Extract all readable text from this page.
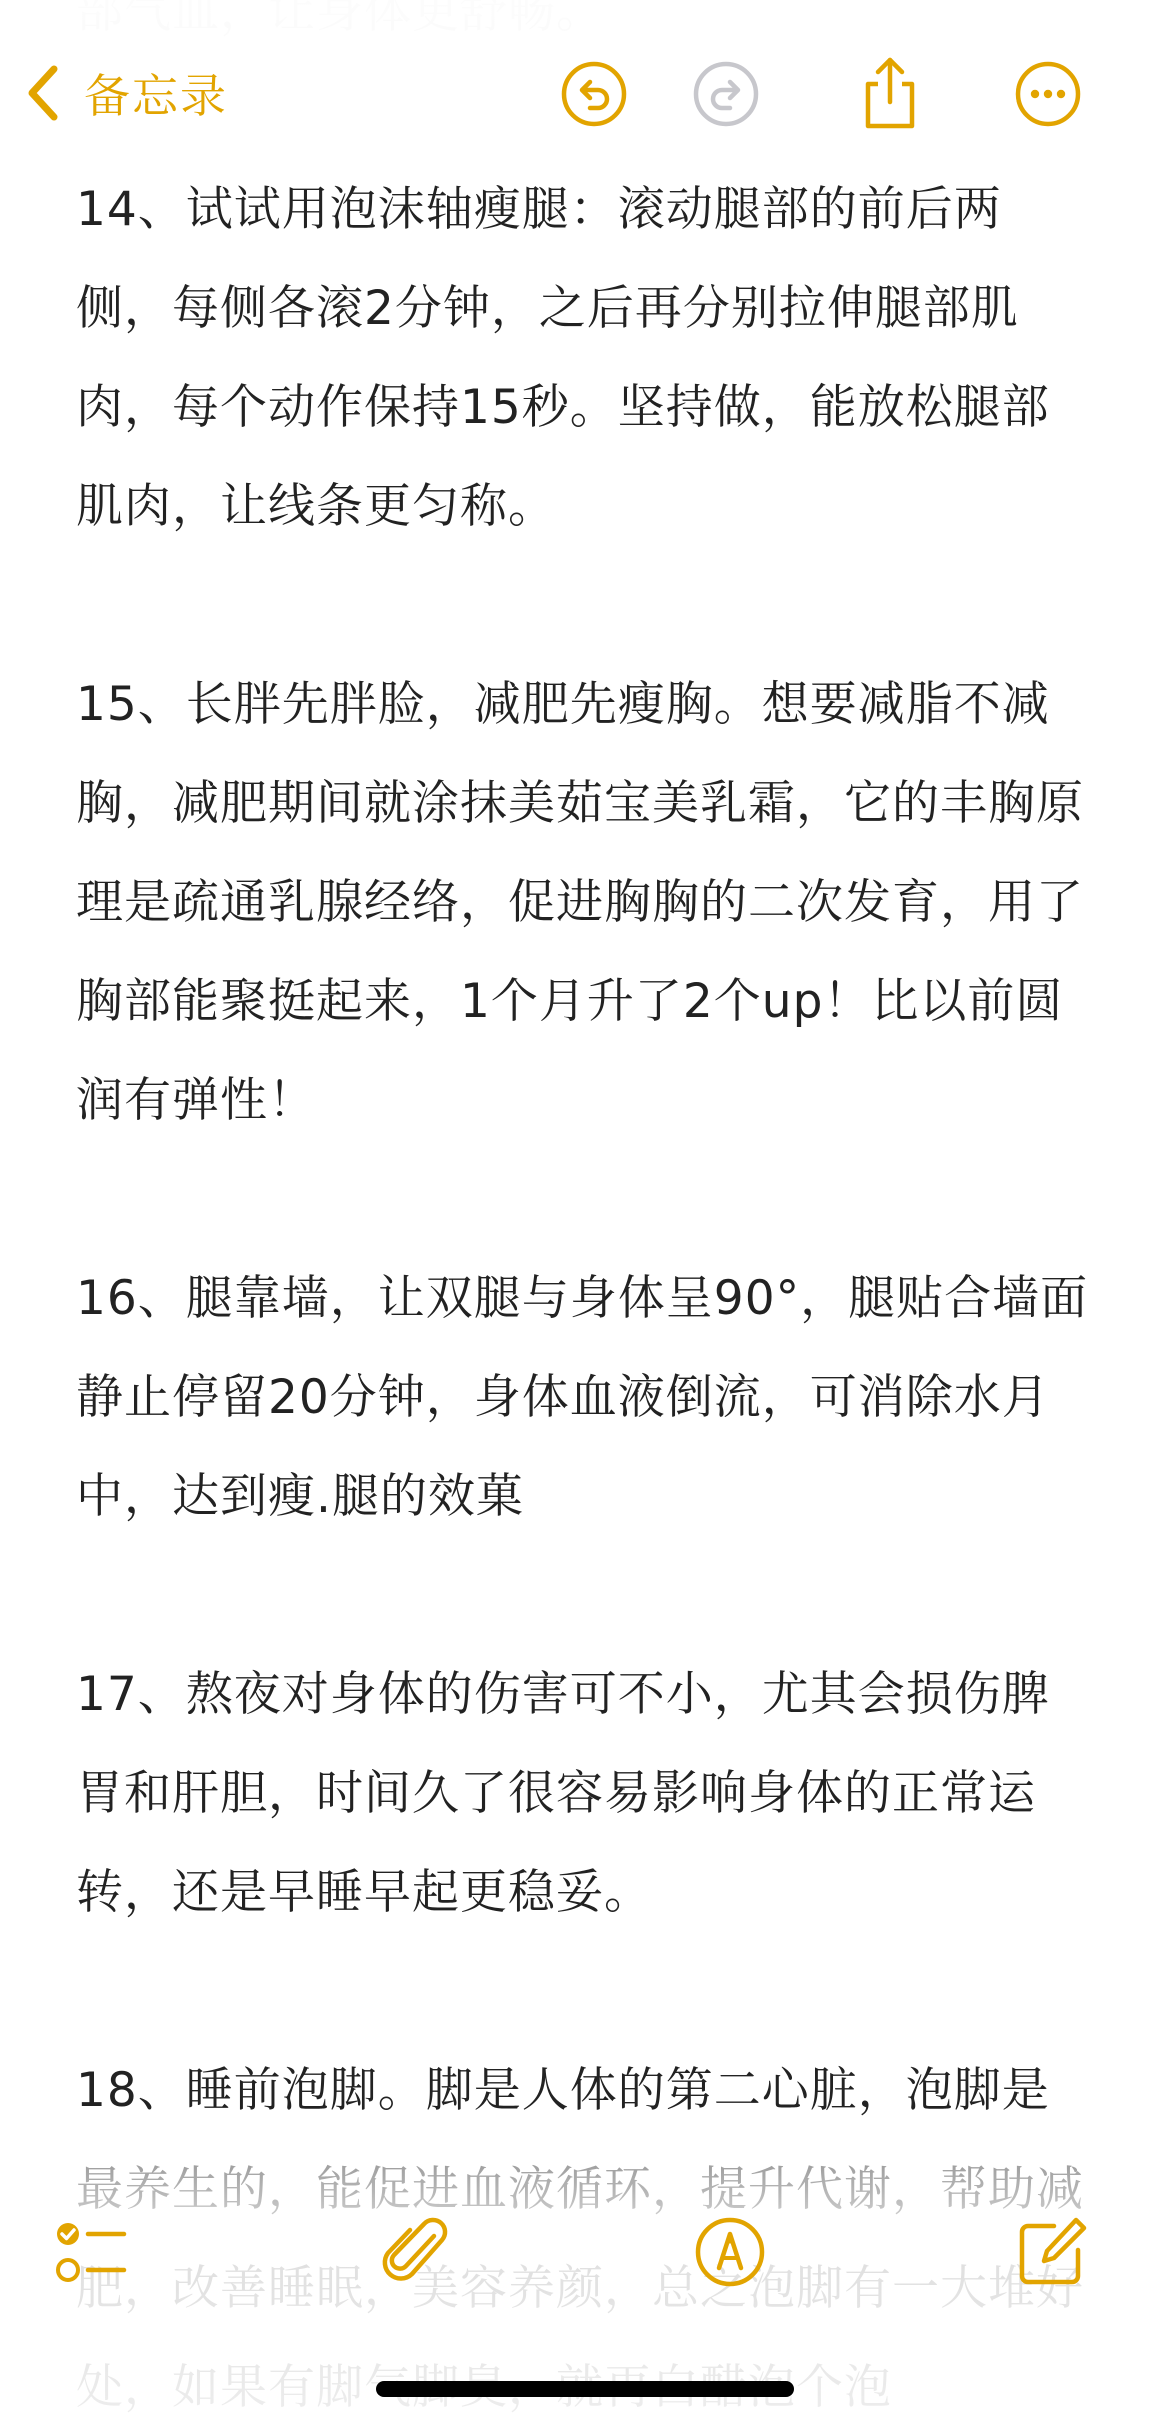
14、试试用泡沫轴瘦腿：滚动腿部的前后两侧，每侧各滚2分钟，之后再分别拉伸腿部肌肉，每个动作保持15秒。坚持做，能放松腿部肌肉，让线条更匀称。

15、长胖先胖脸，减肥先瘦胸。想要减脂不减胸，减肥期间就涂抹美茹宝美乳霜，它的丰胸原理是疏通乳腺经络，促进胸胸的二次发育，用了胸部能聚挺起来，1个月升了2个up！比以前圆润有弹性！

16、腿靠墙，让双腿与身体呈90°，腿贴合墙面静止停留20分钟，身体血液倒流，可消除水月中，达到瘦.腿的效菓

17、熬夜对身体的伤害可不小，尤其会损伤脾胃和肝胆，时间久了很容易影响身体的正常运转，还是早睡早起更稳妥。

18、睡前泡脚。脚是人体的第二心脏，泡脚是

备忘录
